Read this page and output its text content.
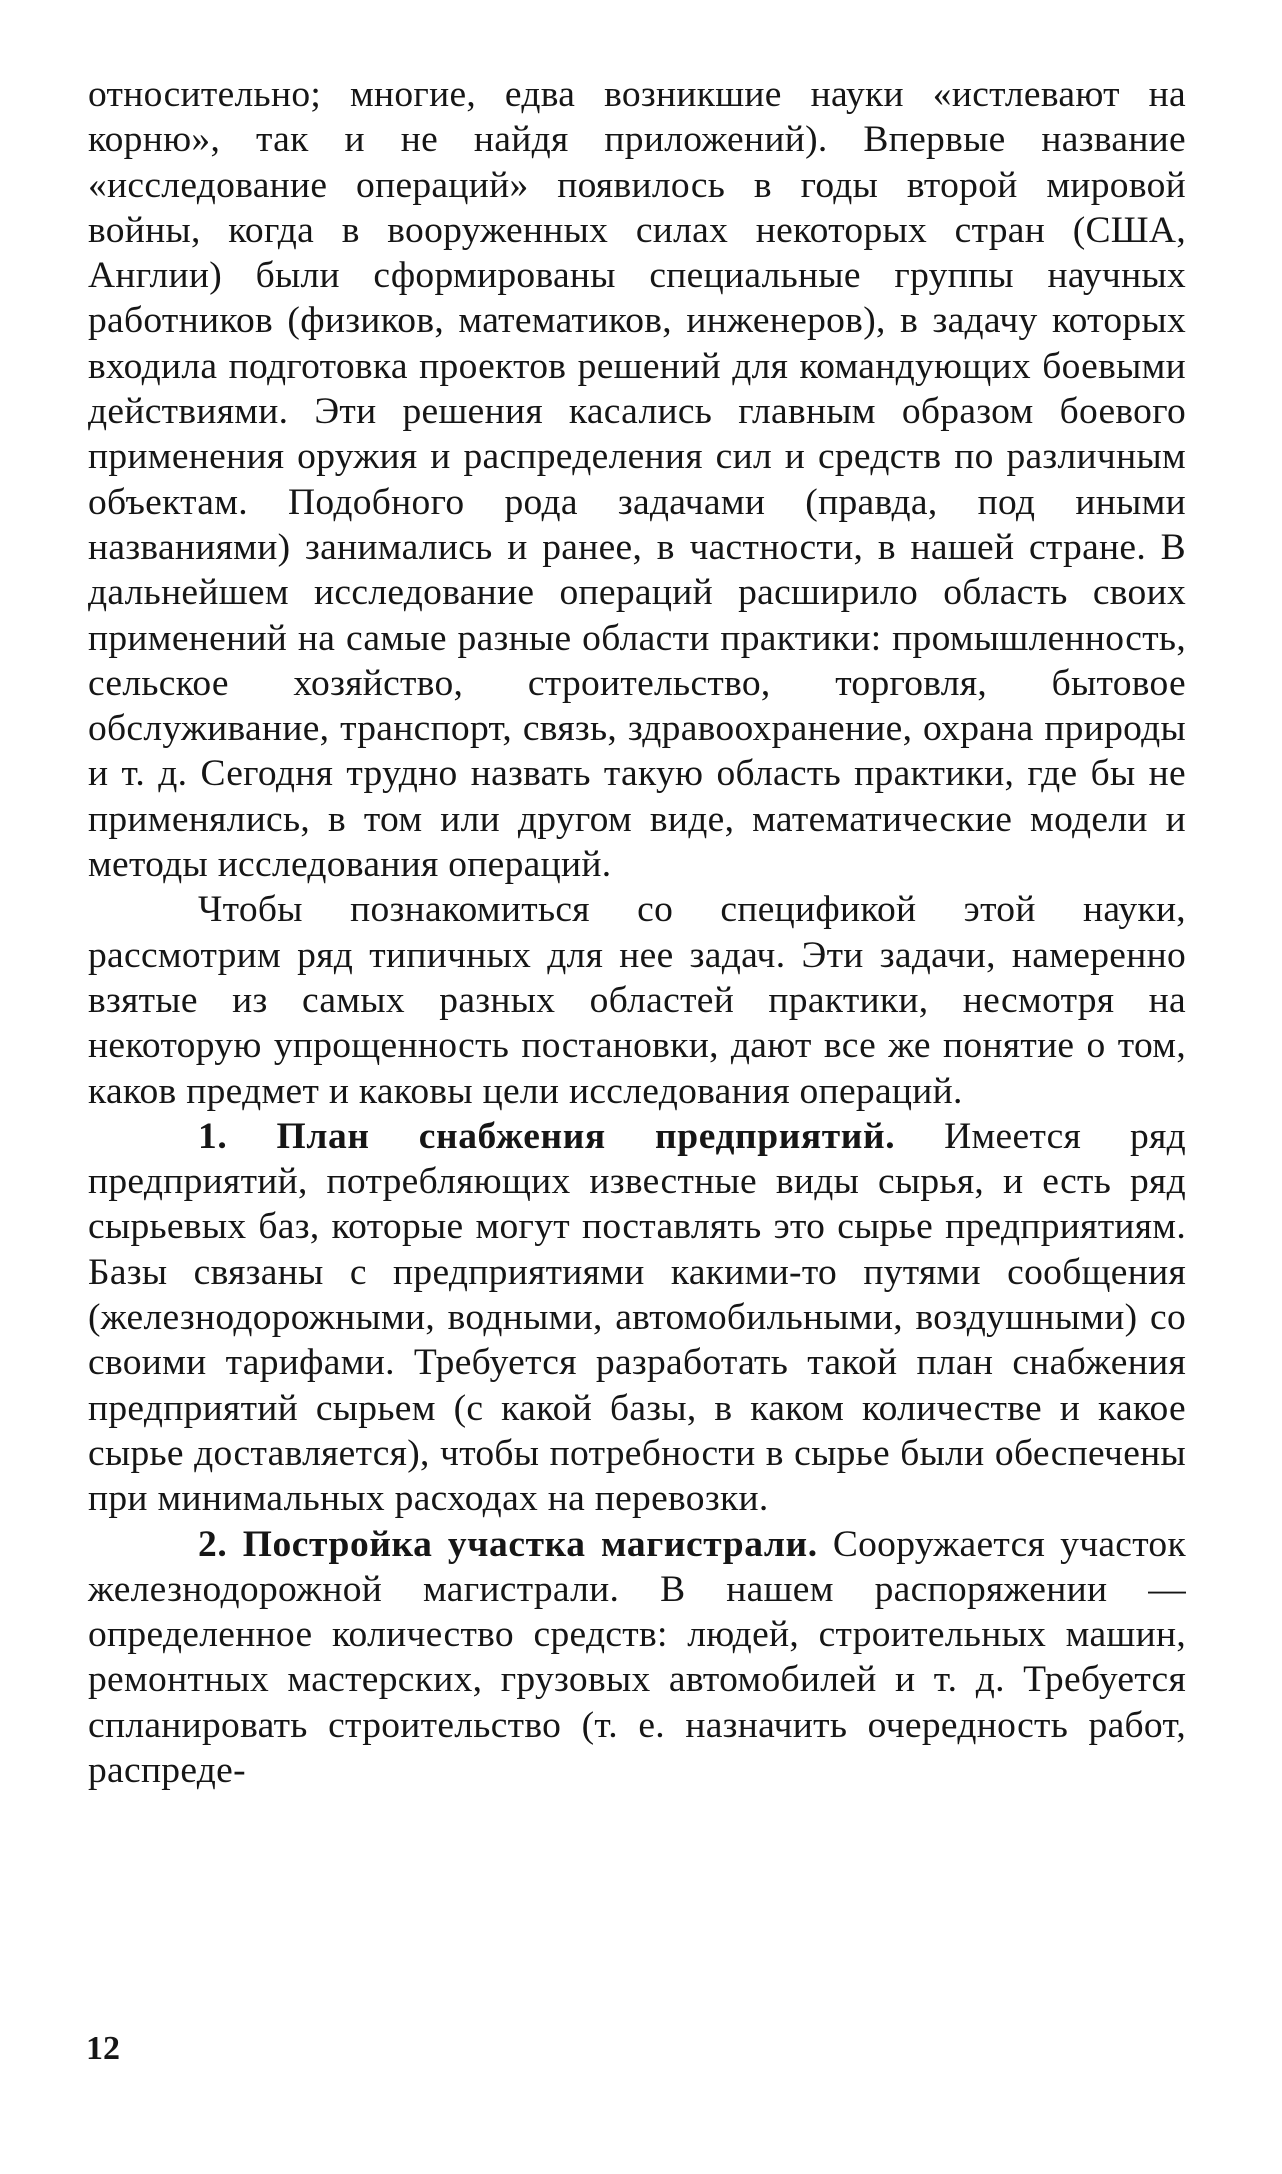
относительно; многие, едва возникшие науки «истлевают на корню», так и не найдя приложений). Впервые название «исследование операций» появилось в годы второй мировой войны, когда в вооруженных силах некоторых стран (США, Англии) были сформированы специальные группы научных работников (физиков, математиков, инженеров), в задачу которых входила подготовка проектов решений для командующих боевыми действиями. Эти решения касались главным образом боевого применения оружия и распределения сил и средств по различным объектам. Подобного рода задачами (правда, под иными названиями) занимались и ранее, в частности, в нашей стране. В дальнейшем исследование операций расширило область своих применений на самые разные области практики: промышленность, сельское хозяйство, строительство, торговля, бытовое обслуживание, транспорт, связь, здравоохранение, охрана природы и т. д. Сегодня трудно назвать такую область практики, где бы не применялись, в том или другом виде, математические модели и методы исследования операций.

Чтобы познакомиться со спецификой этой науки, рассмотрим ряд типичных для нее задач. Эти задачи, намеренно взятые из самых разных областей практики, несмотря на некоторую упрощенность постановки, дают все же понятие о том, каков предмет и каковы цели исследования операций.

1. План снабжения предприятий. Имеется ряд предприятий, потребляющих известные виды сырья, и есть ряд сырьевых баз, которые могут поставлять это сырье предприятиям. Базы связаны с предприятиями какими-то путями сообщения (железнодорожными, водными, автомобильными, воздушными) со своими тарифами. Требуется разработать такой план снабжения предприятий сырьем (с какой базы, в каком количестве и какое сырье доставляется), чтобы потребности в сырье были обеспечены при минимальных расходах на перевозки.

2. Постройка участка магистрали. Сооружается участок железнодорожной магистрали. В нашем распоряжении — определенное количество средств: людей, строительных машин, ремонтных мастерских, грузовых автомобилей и т. д. Требуется спланировать строительство (т. е. назначить очередность работ, распреде-

12
